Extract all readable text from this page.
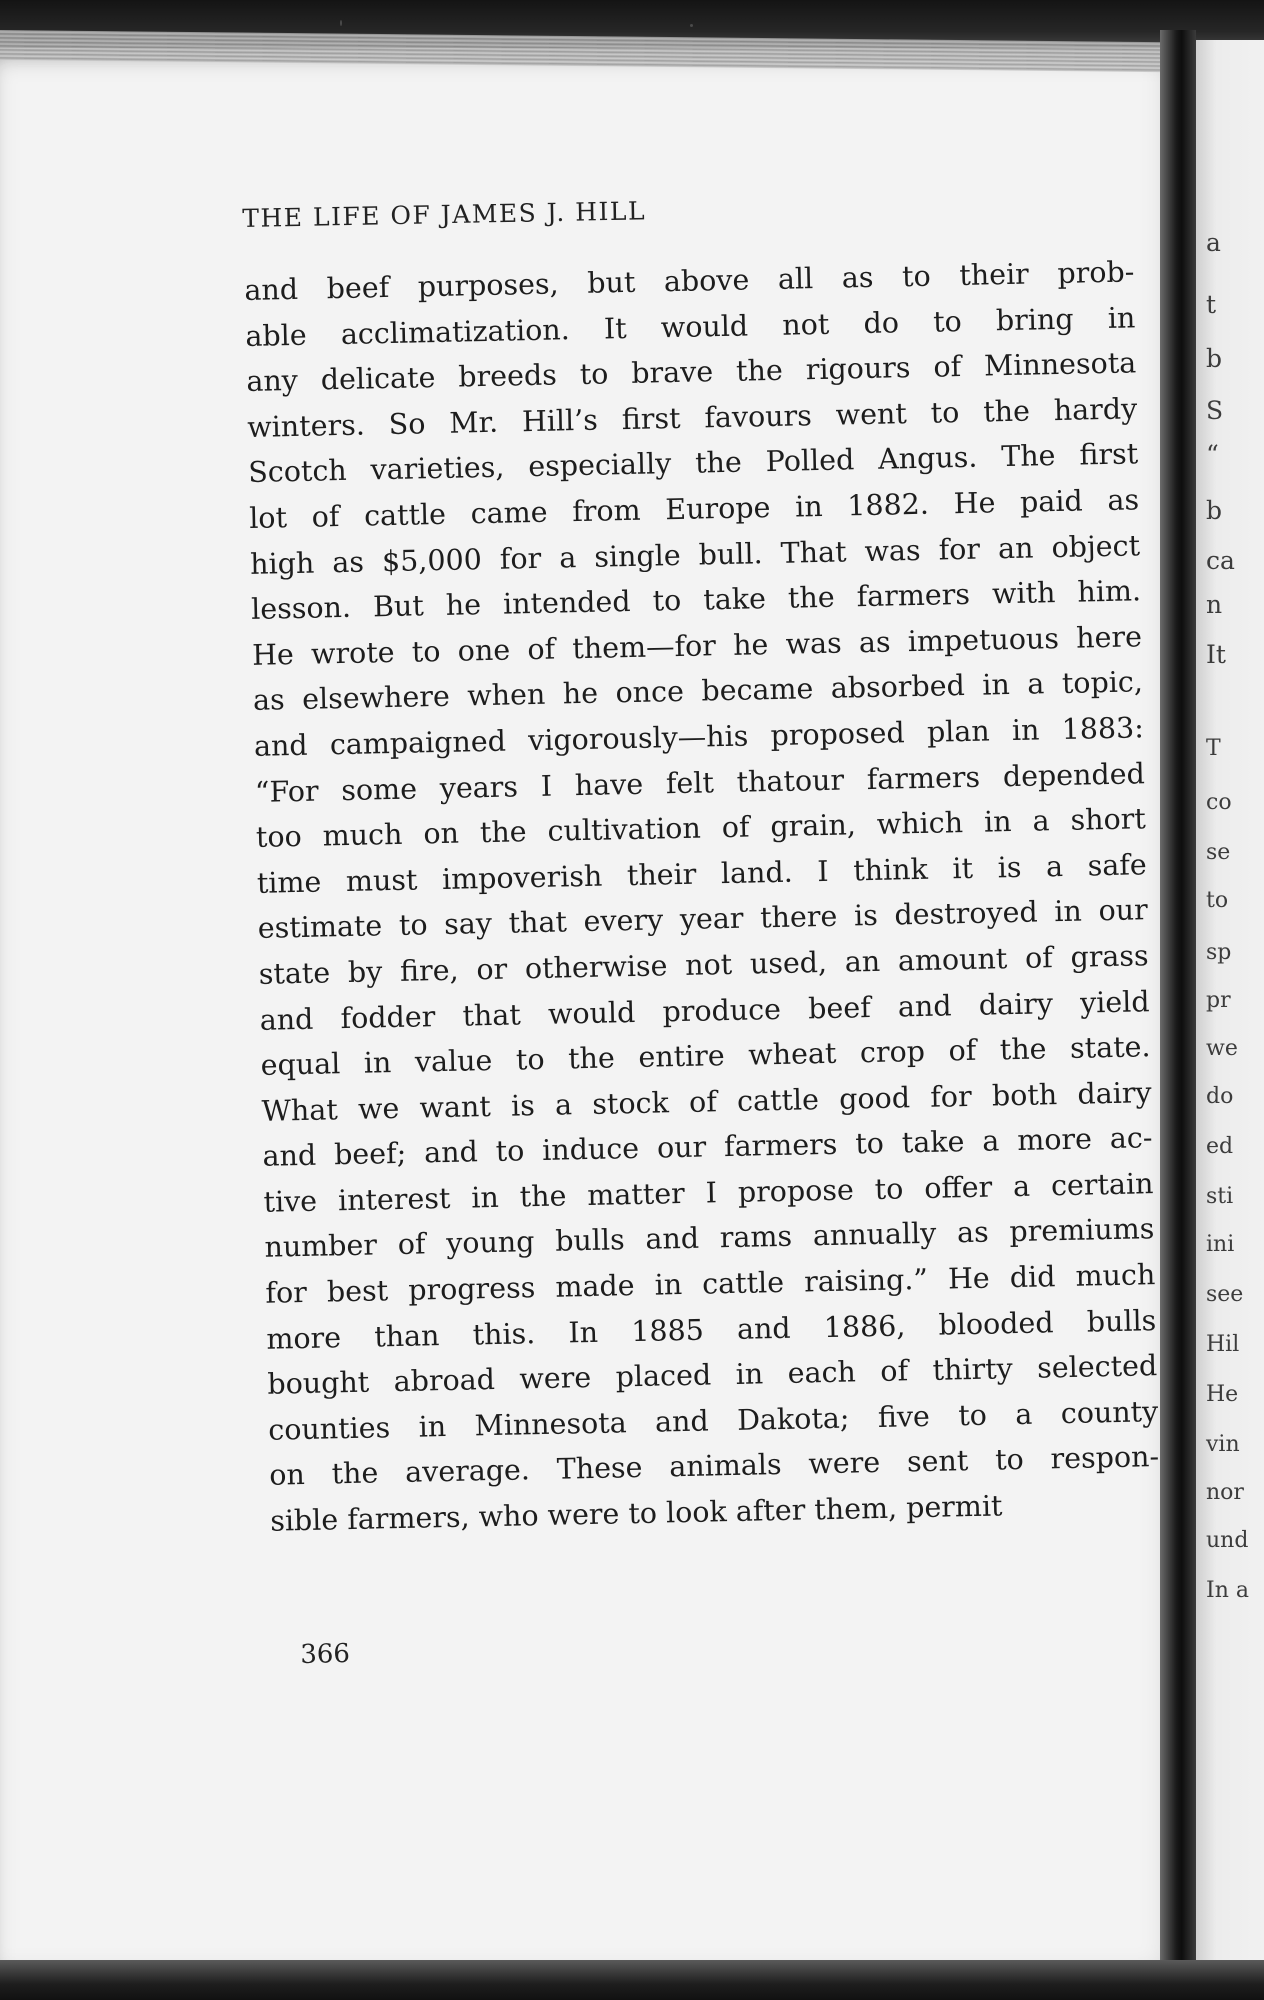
a
t
b
S
“
b
ca
n
It
T
co
se
to
sp
pr
we
do
ed
sti
ini
see
Hil
He
vin
nor
und
In a
THE LIFE OF JAMES J. HILL
and beef purposes, but above all as to their prob-
able acclimatization. It would not do to bring in
any delicate breeds to brave the rigours of Minnesota
winters. So Mr. Hill’s first favours went to the hardy
Scotch varieties, especially the Polled Angus. The first
lot of cattle came from Europe in 1882. He paid as
high as $5,000 for a single bull. That was for an object
lesson. But he intended to take the farmers with him.
He wrote to one of them—for he was as impetuous here
as elsewhere when he once became absorbed in a topic,
and campaigned vigorously—his proposed plan in 1883:
“For some years I have felt thatour farmers depended
too much on the cultivation of grain, which in a short
time must impoverish their land. I think it is a safe
estimate to say that every year there is destroyed in our
state by fire, or otherwise not used, an amount of grass
and fodder that would produce beef and dairy yield
equal in value to the entire wheat crop of the state.
What we want is a stock of cattle good for both dairy
and beef; and to induce our farmers to take a more ac-
tive interest in the matter I propose to offer a certain
number of young bulls and rams annually as premiums
for best progress made in cattle raising.” He did much
more than this. In 1885 and 1886, blooded bulls
bought abroad were placed in each of thirty selected
counties in Minnesota and Dakota; five to a county
on the average. These animals were sent to respon-
sible farmers, who were to look after them, permit
366
